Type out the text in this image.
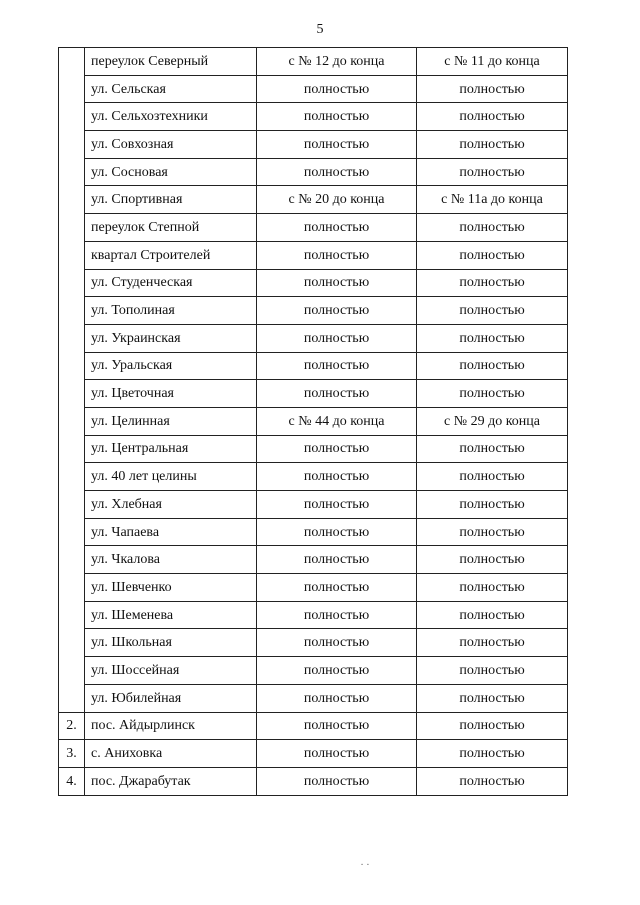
5
	переулок Северный	с № 12 до конца	с № 11 до конца
	ул. Сельская	полностью	полностью
	ул. Сельхозтехники	полностью	полностью
	ул. Совхозная	полностью	полностью
	ул. Сосновая	полностью	полностью
	ул. Спортивная	с № 20 до конца	с № 11а до конца
	переулок Степной	полностью	полностью
	квартал Строителей	полностью	полностью
	ул. Студенческая	полностью	полностью
	ул. Тополиная	полностью	полностью
	ул. Украинская	полностью	полностью
	ул. Уральская	полностью	полностью
	ул. Цветочная	полностью	полностью
	ул. Целинная	с № 44 до конца	с № 29 до конца
	ул. Центральная	полностью	полностью
	ул. 40 лет целины	полностью	полностью
	ул. Хлебная	полностью	полностью
	ул. Чапаева	полностью	полностью
	ул. Чкалова	полностью	полностью
	ул. Шевченко	полностью	полностью
	ул. Шеменева	полностью	полностью
	ул. Школьная	полностью	полностью
	ул. Шоссейная	полностью	полностью
	ул. Юбилейная	полностью	полностью
2.	пос. Айдырлинск	полностью	полностью
3.	с. Аниховка	полностью	полностью
4.	пос. Джарабутак	полностью	полностью
· ·
